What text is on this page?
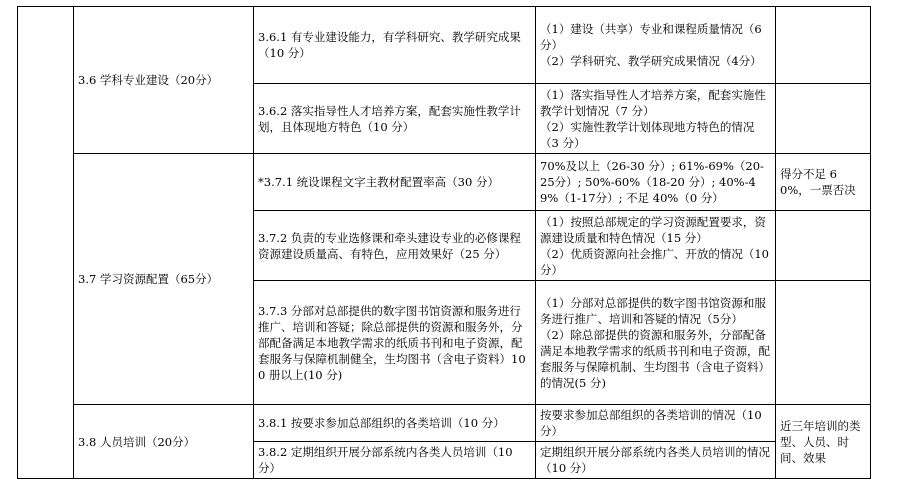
	3.6 学科专业建设（20分）	3.6.1 有专业建设能力，有学科研究、教学研究成果（10 分）	（1）建设（共享）专业和课程质量情况（6分）
（2）学科研究、教学研究成果情况（4分）	

		3.6.2 落实指导性人才培养方案，配套实施性教学计划，且体现地方特色（10 分）	（1）落实指导性人才培养方案，配套实施性教学计划情况（7 分）
（2）实施性教学计划体现地方特色的情况（3 分）	

	3.7 学习资源配置（65分）	*3.7.1 统设课程文字主教材配置率高（30 分）	70%及以上（26-30 分）; 61%-69%（20-25分）; 50%-60%（18-20 分）; 40%-49%（1-17分）; 不足 40%（0 分）	得分不足 60%，一票否决
		3.7.2 负责的专业选修课和牵头建设专业的必修课程资源建设质量高、有特色，应用效果好（25 分）	（1）按照总部规定的学习资源配置要求，资源建设质量和特色情况（15 分）
（2）优质资源向社会推广、开放的情况（10 分）	

		3.7.3 分部对总部提供的数字图书馆资源和服务进行推广、培训和答疑；除总部提供的资源和服务外，分部配备满足本地教学需求的纸质书刊和电子资源，配套服务与保障机制健全，生均图书（含电子资料）100 册以上(10 分)	（1）分部对总部提供的数字图书馆资源和服务进行推广、培训和答疑的情况（5分）
（2）除总部提供的资源和服务外，分部配备满足本地教学需求的纸质书刊和电子资源，配套服务与保障机制、生均图书（含电子资料）的情况(5 分)	

	3.8 人员培训（20分）	3.8.1 按要求参加总部组织的各类培训（10 分）	按要求参加总部组织的各类培训的情况（10 分）	近三年培训的类型、人员、时间、效果
		3.8.2 定期组织开展分部系统内各类人员培训（10 分）	定期组织开展分部系统内各类人员培训的情况（10 分）	
